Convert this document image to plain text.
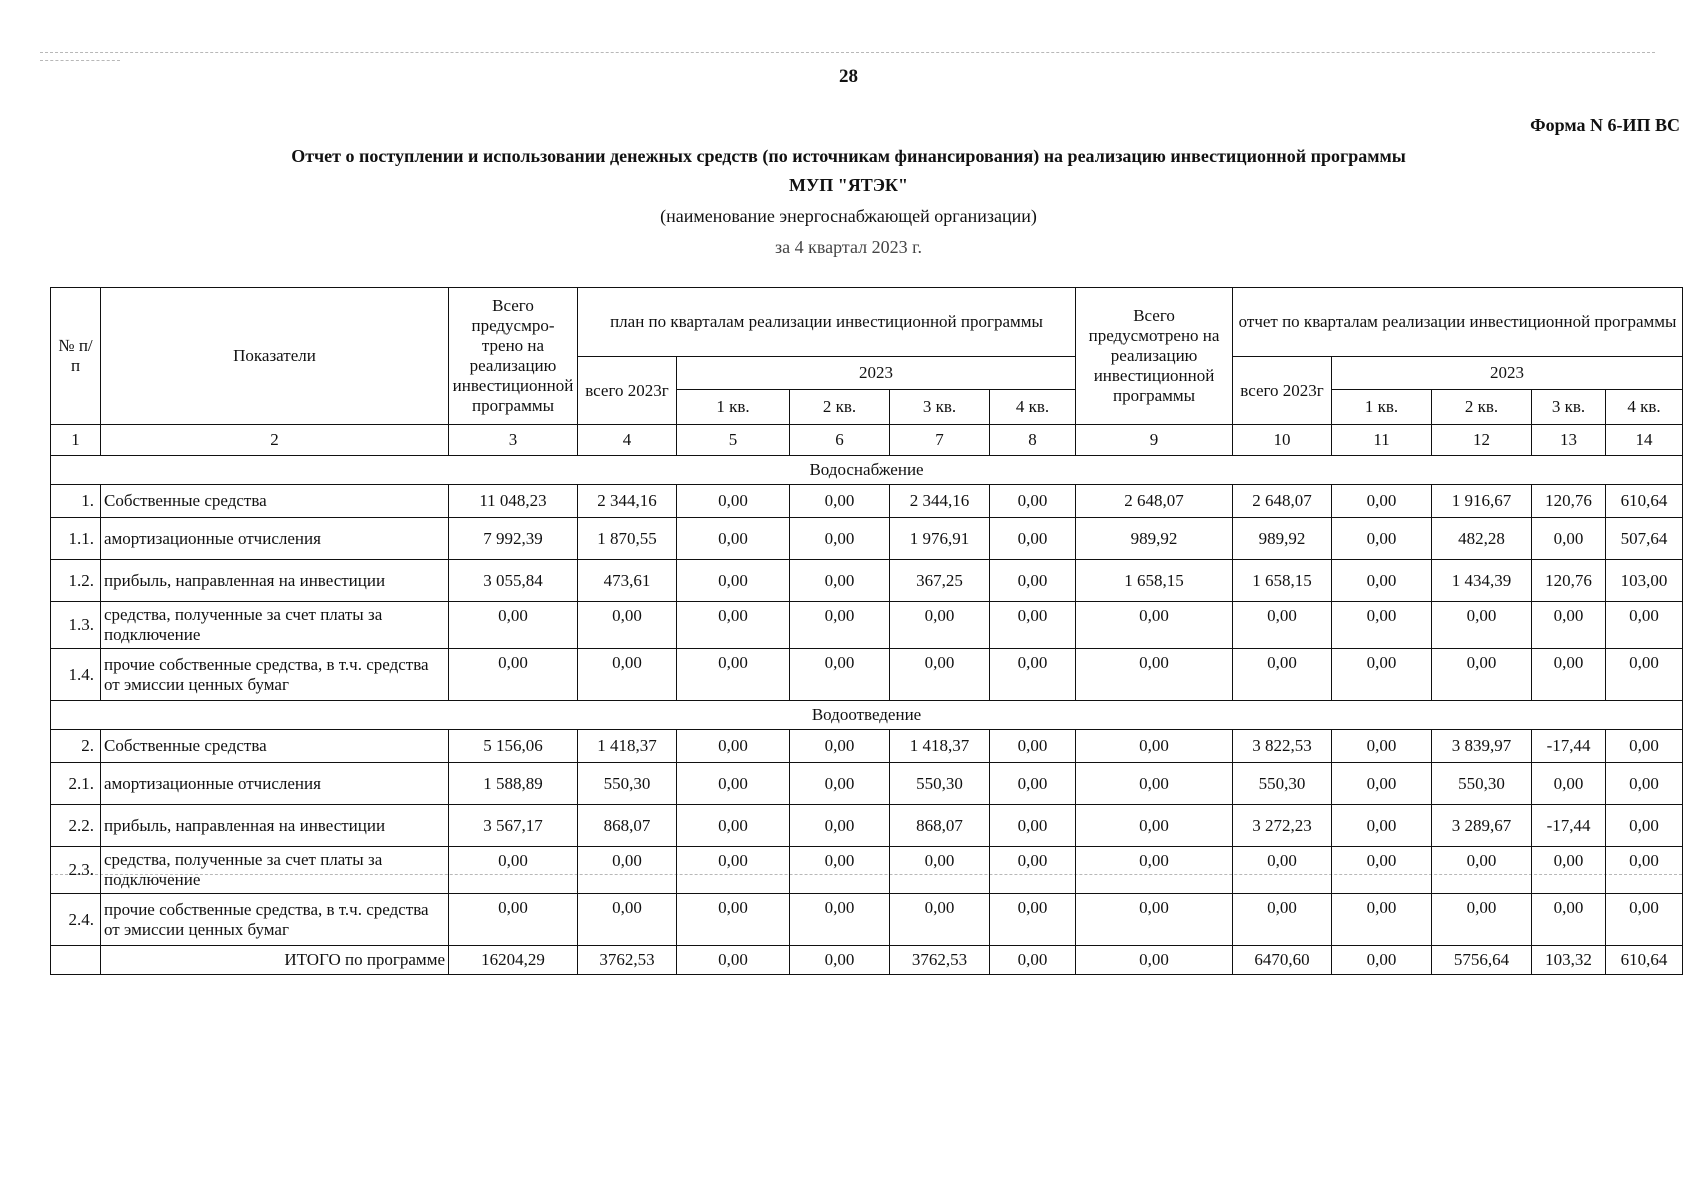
28
Форма N 6-ИП ВС
Отчет о поступлении и использовании денежных средств (по источникам финансирования) на реализацию инвестиционной программы
МУП "ЯТЭК"
(наименование энергоснабжающей организации)
за 4 квартал 2023 г.
№ п/п	Показатели	Всего предусмро-трено на реализацию инвестиционной программы	план по кварталам реализации инвестиционной программы					Всего предусмотрено на реализацию инвестиционной программы	отчет по кварталам реализации инвестиционной программы				
			всего 2023г	2023					всего 2023г	2023			
				1 кв.	2 кв.	3 кв.	4 кв.			1 кв.	2 кв.	3 кв.	4 кв.
1	2	3	4	5	6	7	8	9	10	11	12	13	14
Водоснабжение													
1.	Собственные средства	11 048,23	2 344,16	0,00	0,00	2 344,16	0,00	2 648,07	2 648,07	0,00	1 916,67	120,76	610,64
1.1.	амортизационные отчисления	7 992,39	1 870,55	0,00	0,00	1 976,91	0,00	989,92	989,92	0,00	482,28	0,00	507,64
1.2.	прибыль, направленная на инвестиции	3 055,84	473,61	0,00	0,00	367,25	0,00	1 658,15	1 658,15	0,00	1 434,39	120,76	103,00
1.3.	средства, полученные за счет платы за подключение	0,00	0,00	0,00	0,00	0,00	0,00	0,00	0,00	0,00	0,00	0,00	0,00
1.4.	прочие собственные средства, в т.ч. средства от эмиссии ценных бумаг	0,00	0,00	0,00	0,00	0,00	0,00	0,00	0,00	0,00	0,00	0,00	0,00
Водоотведение													
2.	Собственные средства	5 156,06	1 418,37	0,00	0,00	1 418,37	0,00	0,00	3 822,53	0,00	3 839,97	-17,44	0,00
2.1.	амортизационные отчисления	1 588,89	550,30	0,00	0,00	550,30	0,00	0,00	550,30	0,00	550,30	0,00	0,00
2.2.	прибыль, направленная на инвестиции	3 567,17	868,07	0,00	0,00	868,07	0,00	0,00	3 272,23	0,00	3 289,67	-17,44	0,00
2.3.	средства, полученные за счет платы за подключение	0,00	0,00	0,00	0,00	0,00	0,00	0,00	0,00	0,00	0,00	0,00	0,00
2.4.	прочие собственные средства, в т.ч. средства от эмиссии ценных бумаг	0,00	0,00	0,00	0,00	0,00	0,00	0,00	0,00	0,00	0,00	0,00	0,00
	ИТОГО по программе	16204,29	3762,53	0,00	0,00	3762,53	0,00	0,00	6470,60	0,00	5756,64	103,32	610,64
